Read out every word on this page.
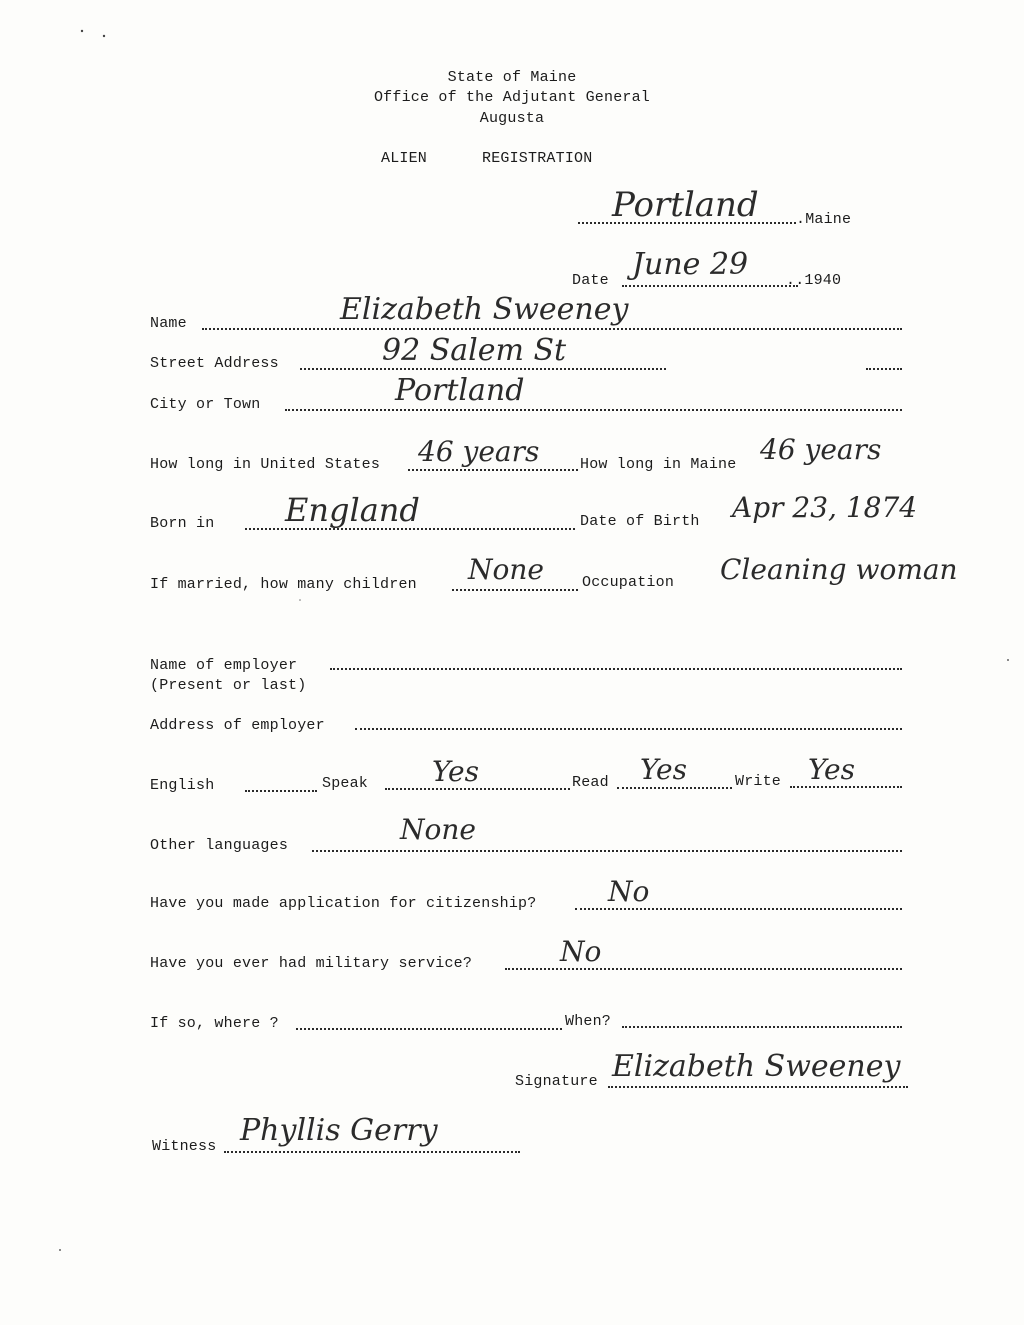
State of Maine
Office of the Adjutant General
Augusta
ALIEN	REGISTRATION
Portland .Maine
Date June 29	..1940
Name	Elizabeth Sweeney
Street Address	92 Salem St
City or Town	Portland
How long in United States 46 years	How long in Maine 46 years
Born in England	Date of Birth Apr 23, 1874
If married, how many children None	Occupation Cleaning woman
Name of employer
(Present or last)
Address of employer
English	Speak Yes	Read Yes	Write Yes
Other languages	None
Have you made application for citizenship?	No
Have you ever had military service?	No
If so, where ?	When?
Signature Elizabeth Sweeney
Witness Phyllis Gerry
